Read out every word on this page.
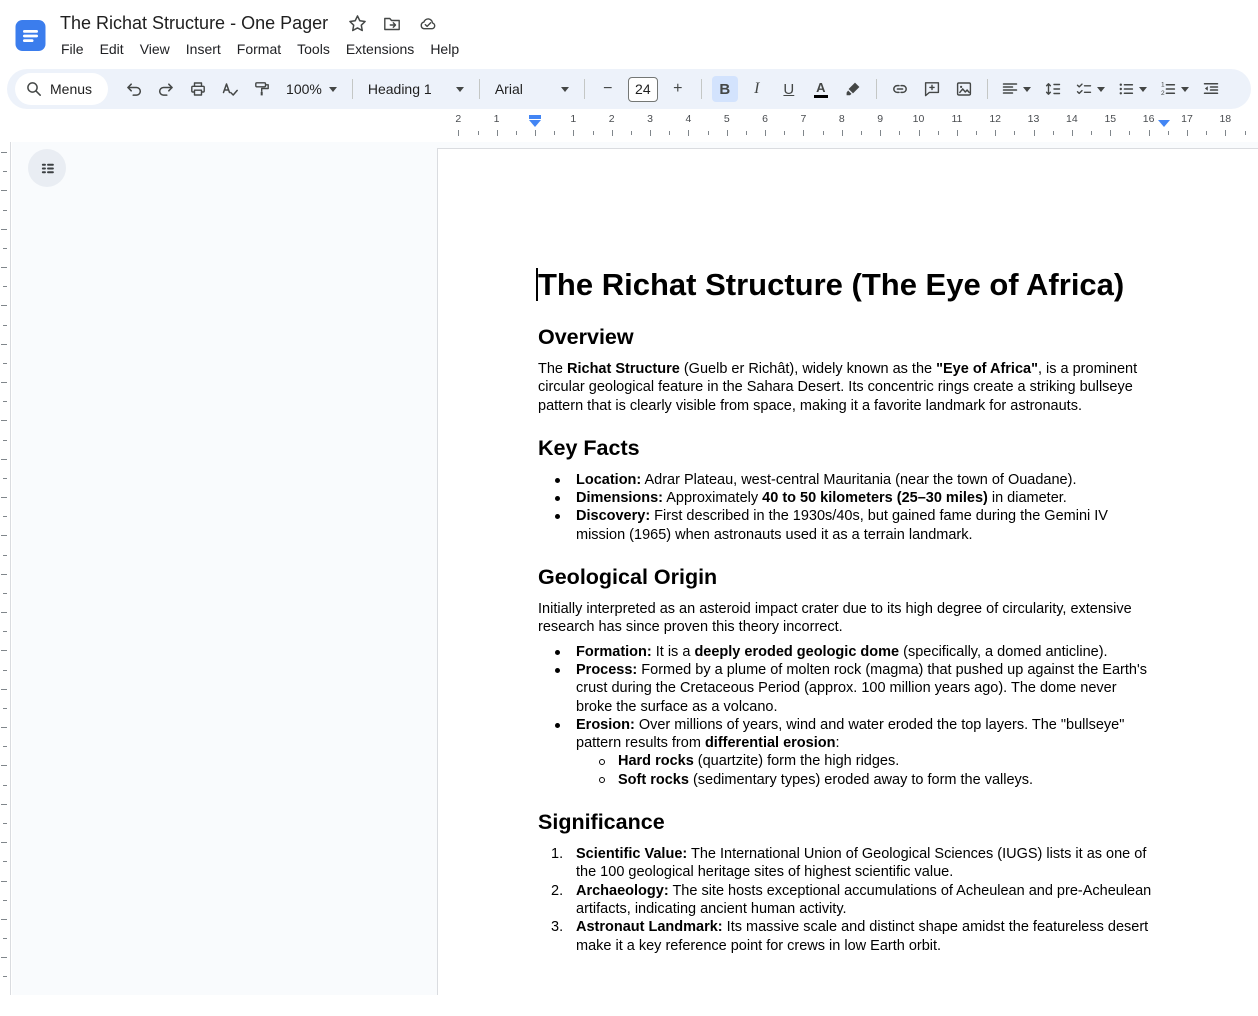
The Richat Structure - One Pager
File	Edit	View	Insert	Format	Tools	Extensions	Help
Menus	100%	Heading 1	Arial	−	24	+ B I U A	1
2
1	2	3	4	5	6	7	8	9	10	11	12	13	14	15	16	17	18
1
2
The Richat Structure (The Eye of Africa)
Overview
The Richat Structure (Guelb er Richât), widely known as the "Eye of Africa", is a prominent circular geological feature in the Sahara Desert. Its concentric rings create a striking bullseye pattern that is clearly visible from space, making it a favorite landmark for astronauts.
Key Facts
Location: Adrar Plateau, west-central Mauritania (near the town of Ouadane).
Dimensions: Approximately 40 to 50 kilometers (25–30 miles) in diameter.
Discovery: First described in the 1930s/40s, but gained fame during the Gemini IV mission (1965) when astronauts used it as a terrain landmark.
Geological Origin
Initially interpreted as an asteroid impact crater due to its high degree of circularity, extensive research has since proven this theory incorrect.
Formation: It is a deeply eroded geologic dome (specifically, a domed anticline).
Process: Formed by a plume of molten rock (magma) that pushed up against the Earth's crust during the Cretaceous Period (approx. 100 million years ago). The dome never broke the surface as a volcano.
Erosion: Over millions of years, wind and water eroded the top layers. The "bullseye" pattern results from differential erosion:
Hard rocks (quartzite) form the high ridges.
Soft rocks (sedimentary types) eroded away to form the valleys.
Significance
1. Scientific Value: The International Union of Geological Sciences (IUGS) lists it as one of the 100 geological heritage sites of highest scientific value.
2. Archaeology: The site hosts exceptional accumulations of Acheulean and pre-Acheulean artifacts, indicating ancient human activity.
3. Astronaut Landmark: Its massive scale and distinct shape amidst the featureless desert make it a key reference point for crews in low Earth orbit.
